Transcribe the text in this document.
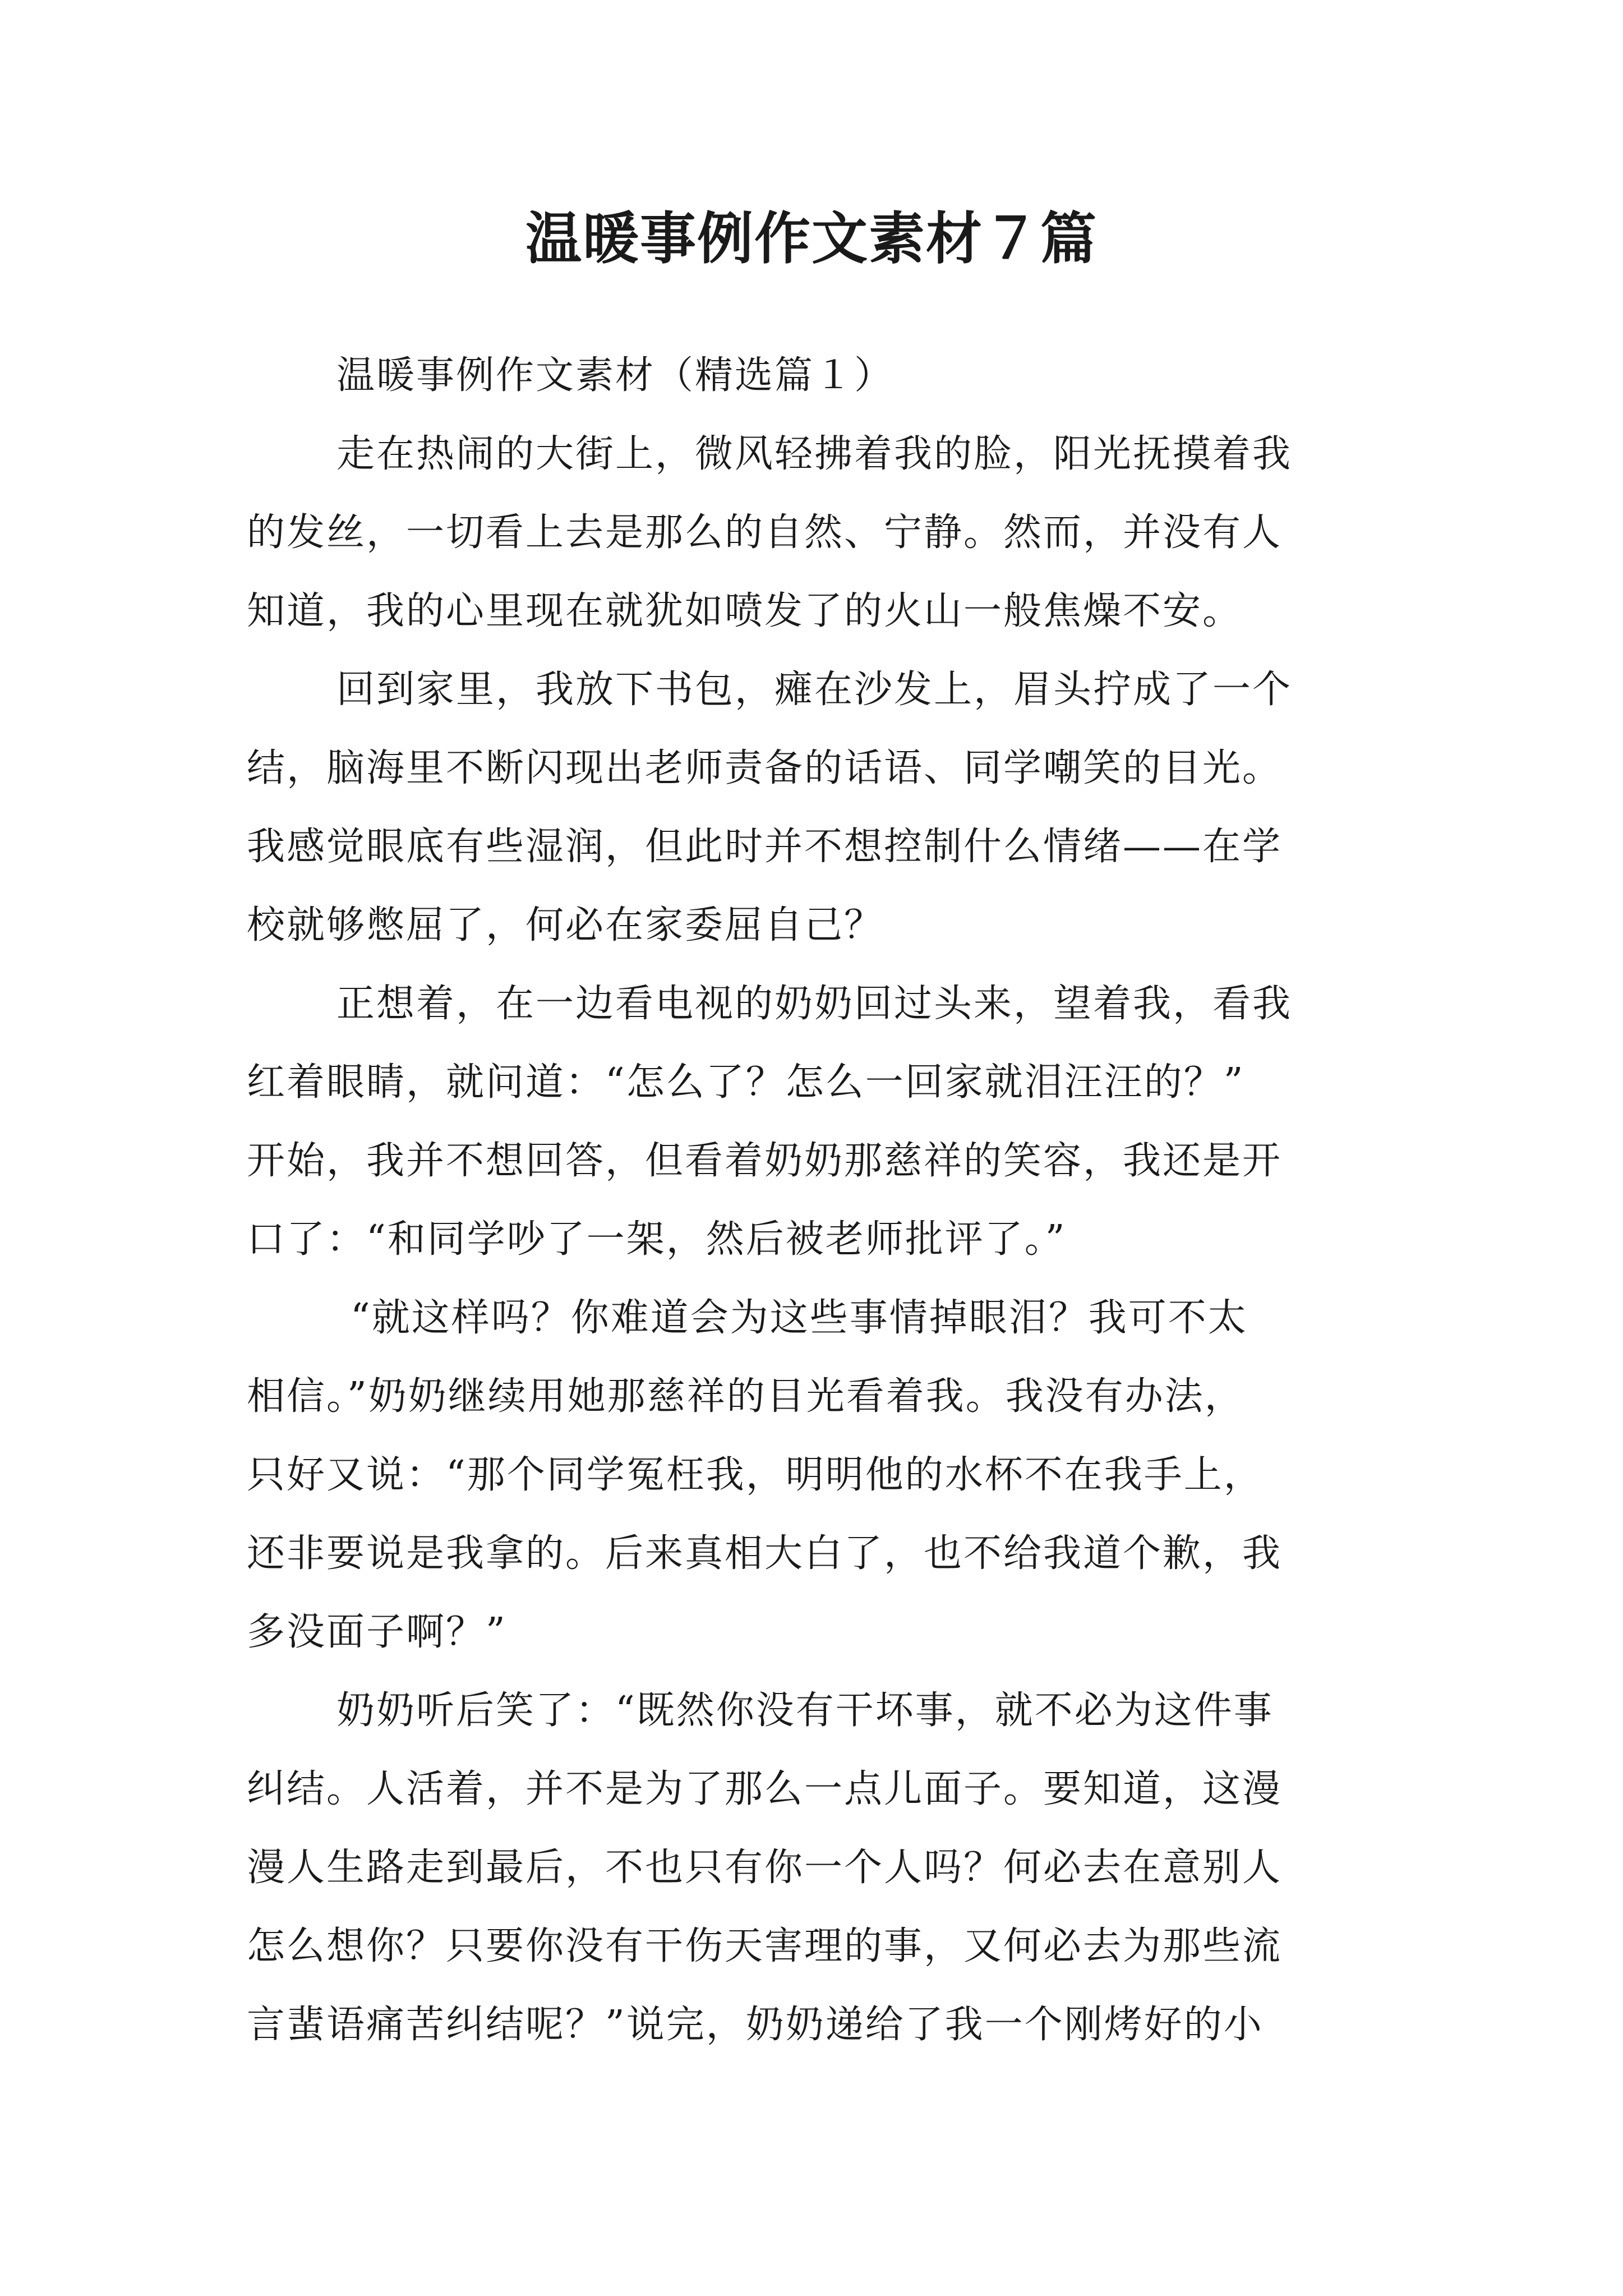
温暖事例作文素材７篇
温暖事例作文素材（精选篇１）
走在热闹的大街上，微风轻拂着我的脸，阳光抚摸着我
的发丝，一切看上去是那么的自然、宁静。然而，并没有人
知道，我的心里现在就犹如喷发了的火山一般焦燥不安。
回到家里，我放下书包，瘫在沙发上，眉头拧成了一个
结，脑海里不断闪现出老师责备的话语、同学嘲笑的目光。
我感觉眼底有些湿润，但此时并不想控制什么情绪——在学
校就够憋屈了，何必在家委屈自己？
正想着，在一边看电视的奶奶回过头来，望着我，看我
红着眼睛，就问道：“怎么了？怎么一回家就泪汪汪的？”
开始，我并不想回答，但看着奶奶那慈祥的笑容，我还是开
口了：“和同学吵了一架，然后被老师批评了。”
“就这样吗？你难道会为这些事情掉眼泪？我可不太
相信。”奶奶继续用她那慈祥的目光看着我。我没有办法，
只好又说：“那个同学冤枉我，明明他的水杯不在我手上，
还非要说是我拿的。后来真相大白了，也不给我道个歉，我
多没面子啊？”
奶奶听后笑了：“既然你没有干坏事，就不必为这件事
纠结。人活着，并不是为了那么一点儿面子。要知道，这漫
漫人生路走到最后，不也只有你一个人吗？何必去在意别人
怎么想你？只要你没有干伤天害理的事，又何必去为那些流
言蜚语痛苦纠结呢？”说完，奶奶递给了我一个刚烤好的小
